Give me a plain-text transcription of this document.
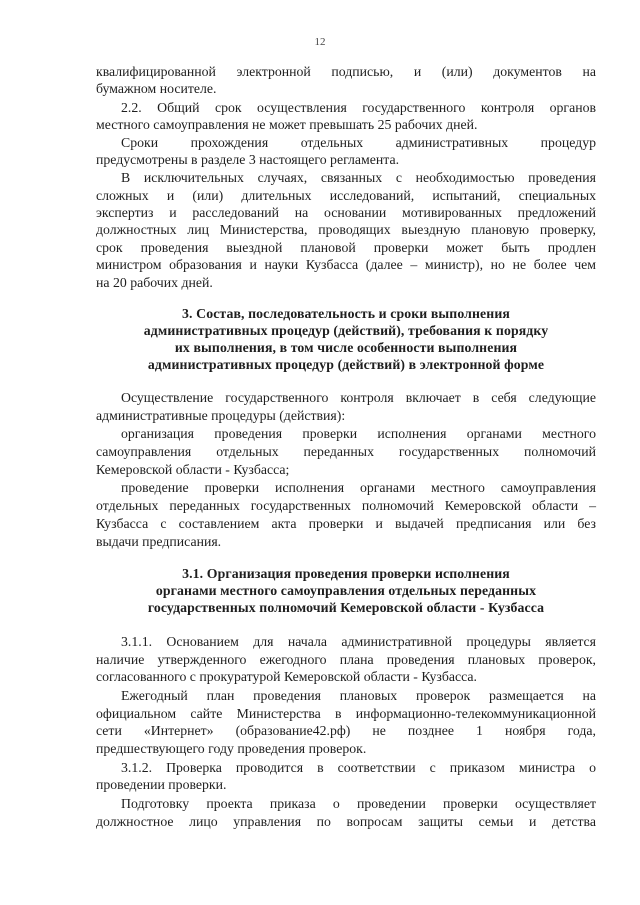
12
квалифицированной электронной подписью, и (или) документов на
бумажном носителе.
2.2. Общий срок осуществления государственного контроля органов
местного самоуправления не может превышать 25 рабочих дней.
Сроки прохождения отдельных административных процедур
предусмотрены в разделе 3 настоящего регламента.
В исключительных случаях, связанных с необходимостью проведения
сложных и (или) длительных исследований, испытаний, специальных
экспертиз и расследований на основании мотивированных предложений
должностных лиц Министерства, проводящих выездную плановую проверку,
срок проведения выездной плановой проверки может быть продлен
министром образования и науки Кузбасса (далее – министр), но не более чем
на 20 рабочих дней.
3. Состав, последовательность и сроки выполнения
административных процедур (действий), требования к порядку
их выполнения, в том числе особенности выполнения
административных процедур (действий) в электронной форме
Осуществление государственного контроля включает в себя следующие
административные процедуры (действия):
организация проведения проверки исполнения органами местного
самоуправления отдельных переданных государственных полномочий
Кемеровской области - Кузбасса;
проведение проверки исполнения органами местного самоуправления
отдельных переданных государственных полномочий Кемеровской области –
Кузбасса с составлением акта проверки и выдачей предписания или без
выдачи предписания.
3.1. Организация проведения проверки исполнения
органами местного самоуправления отдельных переданных
государственных полномочий Кемеровской области - Кузбасса
3.1.1. Основанием для начала административной процедуры является
наличие утвержденного ежегодного плана проведения плановых проверок,
согласованного с прокуратурой Кемеровской области - Кузбасса.
Ежегодный план проведения плановых проверок размещается на
официальном сайте Министерства в информационно-телекоммуникационной
сети «Интернет» (образование42.рф) не позднее 1 ноября года,
предшествующего году проведения проверок.
3.1.2. Проверка проводится в соответствии с приказом министра о
проведении проверки.
Подготовку проекта приказа о проведении проверки осуществляет
должностное лицо управления по вопросам защиты семьи и детства
